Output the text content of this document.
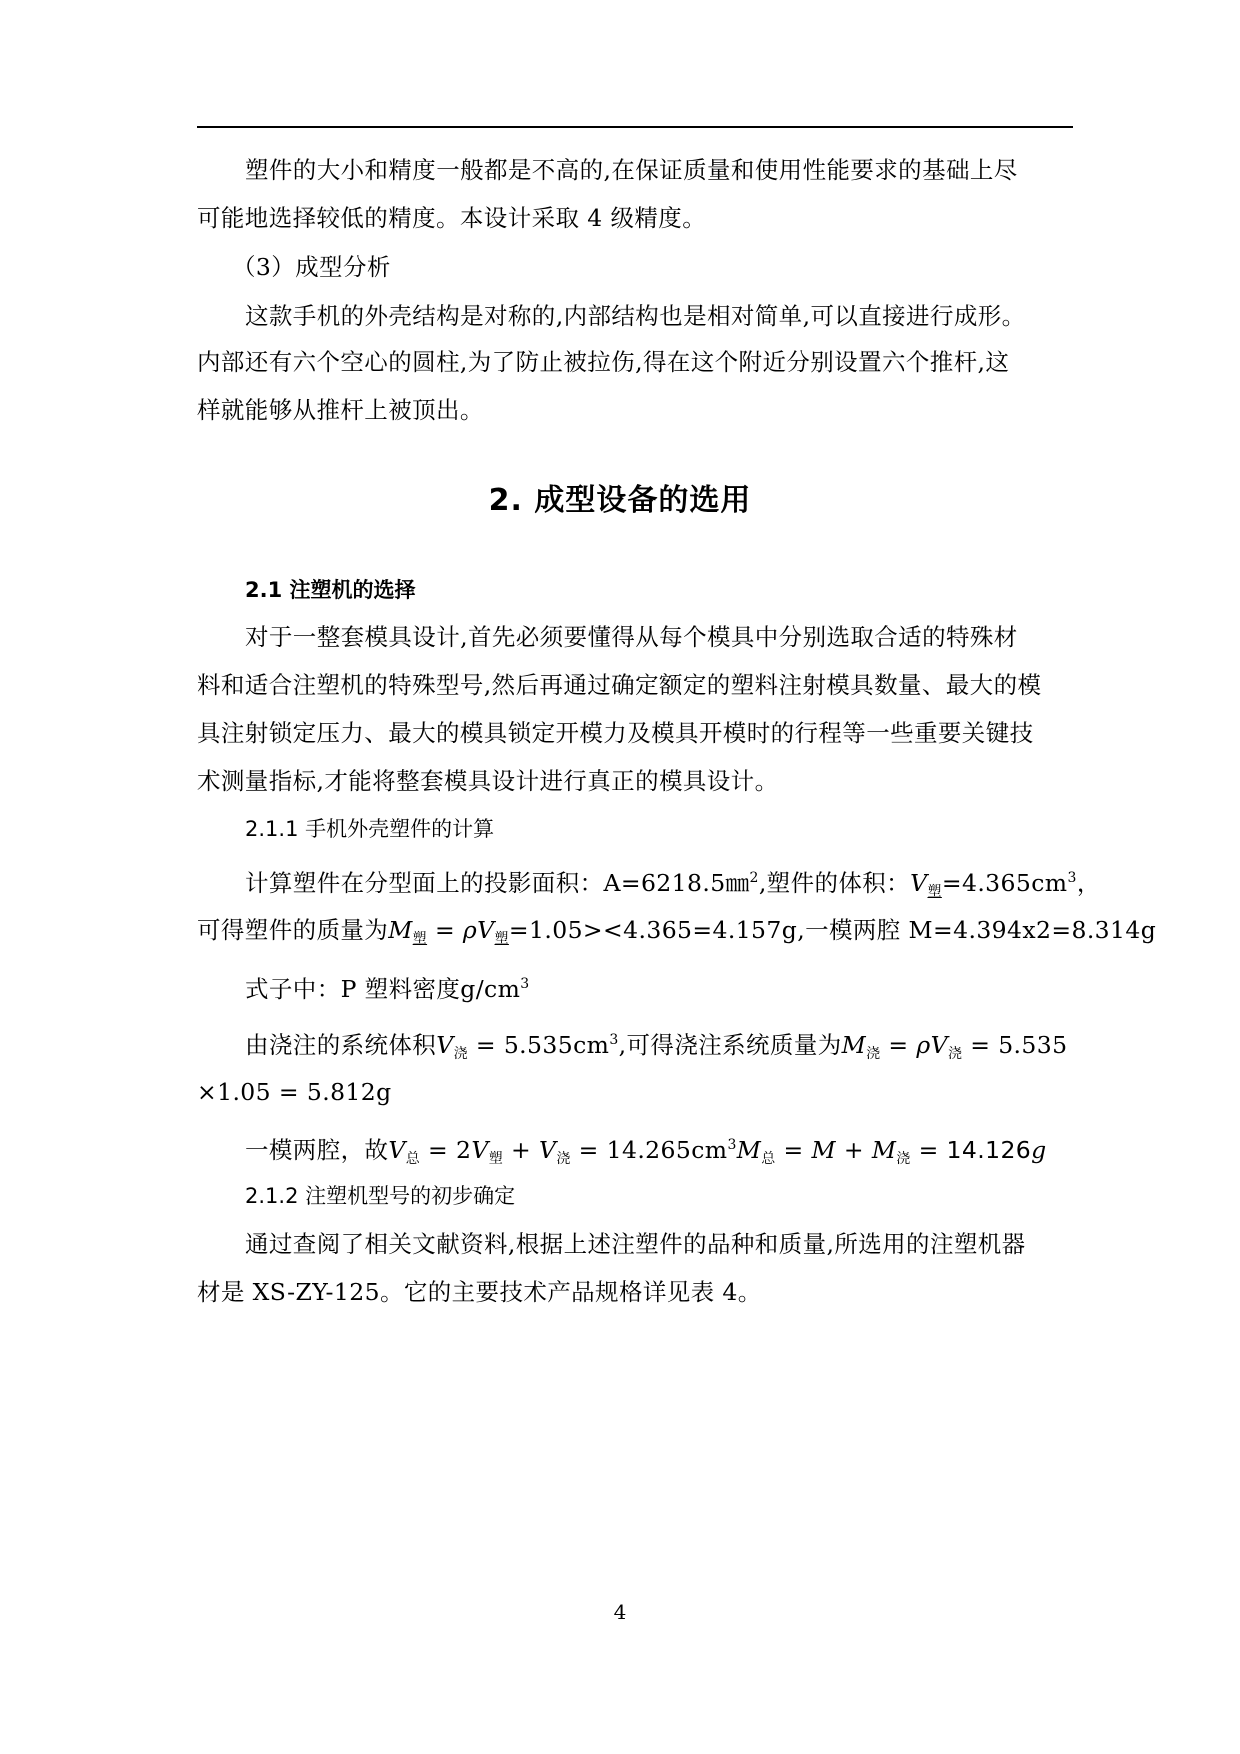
塑件的大小和精度一般都是不高的,在保证质量和使用性能要求的基础上尽
可能地选择较低的精度。本设计采取 4 级精度。
（3）成型分析
这款手机的外壳结构是对称的,内部结构也是相对简单,可以直接进行成形。
内部还有六个空心的圆柱,为了防止被拉伤,得在这个附近分别设置六个推杆,这
样就能够从推杆上被顶出。
2. 成型设备的选用
2.1 注塑机的选择
对于一整套模具设计,首先必须要懂得从每个模具中分别选取合适的特殊材
料和适合注塑机的特殊型号,然后再通过确定额定的塑料注射模具数量、最大的模
具注射锁定压力、最大的模具锁定开模力及模具开模时的行程等一些重要关键技
术测量指标,才能将整套模具设计进行真正的模具设计。
2.1.1 手机外壳塑件的计算
计算塑件在分型面上的投影面积：A=6218.5㎜$^2$,塑件的体积：$V_塑=4.365cm^3$，
可得塑件的质量为$M_塑 = \rho V_塑=1.05><4.365=4.157g$,一模两腔 M=4.394x2=8.314g
式子中：P 塑料密度$g/cm^3$
由浇注的系统体积$V_浇 = 5.535cm^3$,可得浇注系统质量为$M_浇 = \rho V_浇 = 5.535$
×1.05 = 5.812g
一模两腔，故$V_总 = 2V_塑 + V_浇 = 14.265cm^3M_总 = M + M_浇 = 14.126g$
2.1.2 注塑机型号的初步确定
通过查阅了相关文献资料,根据上述注塑件的品种和质量,所选用的注塑机器
材是 XS-ZY-125。它的主要技术产品规格详见表 4。
4
